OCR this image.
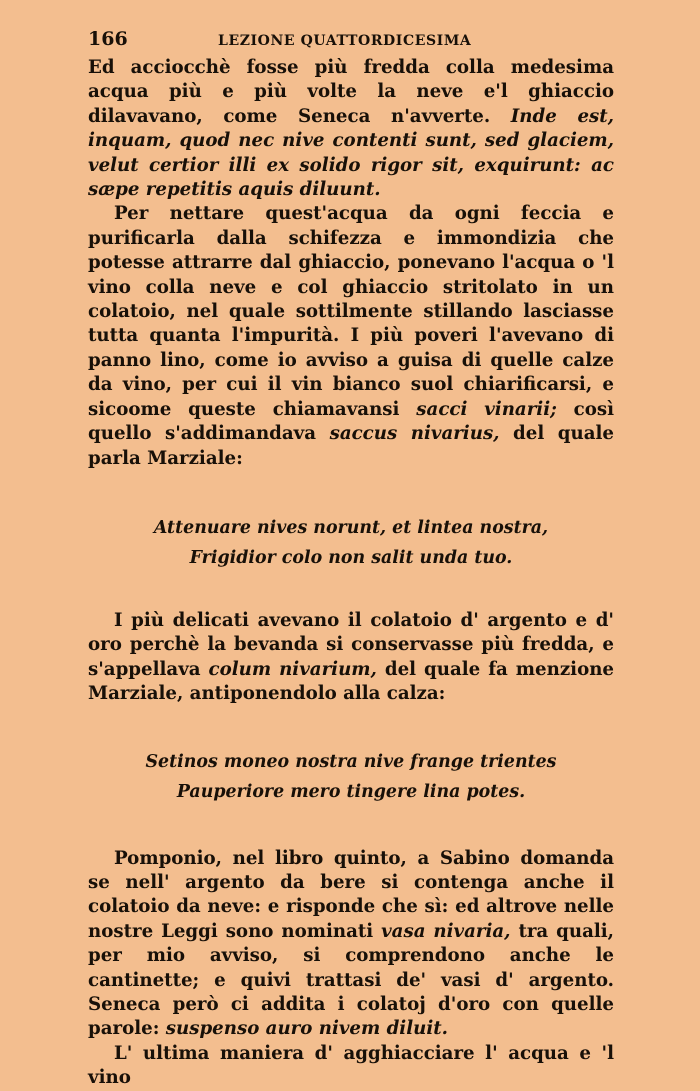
166	LEZIONE QUATTORDICESIMA

Ed acciocchè fosse più fredda colla medesima acqua più e più volte la neve e'l ghiaccio dilavavano, come Seneca n'avverte. Inde est, inquam, quod nec nive contenti sunt, sed glaciem, velut certior illi ex solido rigor sit, exquirunt: ac sæpe repetitis aquis diluunt.

Per nettare quest'acqua da ogni feccia e purificarla dalla schifezza e immondizia che potesse attrarre dal ghiaccio, ponevano l'acqua o 'l vino colla neve e col ghiaccio stritolato in un colatoio, nel quale sottilmente stillando lasciasse tutta quanta l'impurità. I più poveri l'avevano di panno lino, come io avviso a guisa di quelle calze da vino, per cui il vin bianco suol chiarificarsi, e sicoome queste chiamavansi sacci vinarii; così quello s'addimandava saccus nivarius, del quale parla Marziale:

Attenuare nives norunt, et lintea nostra,
Frigidior colo non salit unda tuo.

I più delicati avevano il colatoio d' argento e d' oro perchè la bevanda si conservasse più fredda, e s'appellava colum nivarium, del quale fa menzione Marziale, antiponendolo alla calza:

Setinos moneo nostra nive frange trientes
Pauperiore mero tingere lina potes.

Pomponio, nel libro quinto, a Sabino domanda se nell' argento da bere si contenga anche il colatoio da neve: e risponde che sì: ed altrove nelle nostre Leggi sono nominati vasa nivaria, tra quali, per mio avviso, si comprendono anche le cantinette; e quivi trattasi de' vasi d' argento. Seneca però ci addita i colatoj d'oro con quelle parole: suspenso auro nivem diluit.

L' ultima maniera d' agghiacciare l' acqua e 'l vino
